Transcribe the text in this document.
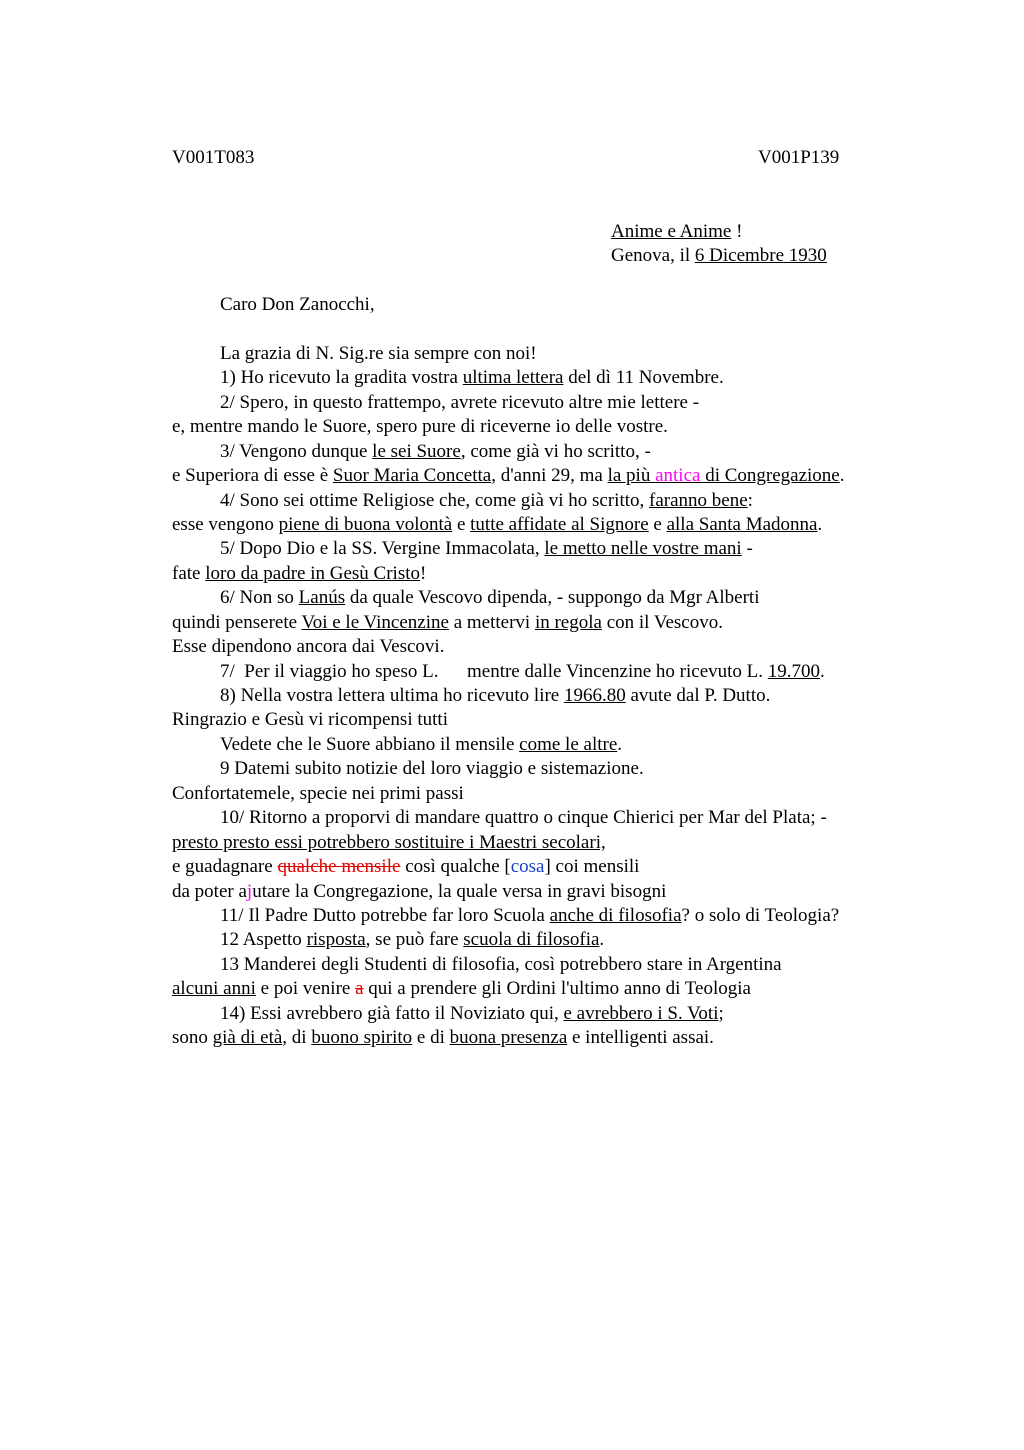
V001T083	V001P139
Anime e Anime !
Genova, il 6 Dicembre 1930
Caro Don Zanocchi,
La grazia di N. Sig.re sia sempre con noi!
1) Ho ricevuto la gradita vostra ultima lettera del dì 11 Novembre.
2/ Spero, in questo frattempo, avrete ricevuto altre mie lettere -
e, mentre mando le Suore, spero pure di riceverne io delle vostre.
3/ Vengono dunque le sei Suore, come già vi ho scritto, -
e Superiora di esse è Suor Maria Concetta, d'anni 29, ma la più antica di Congregazione.
4/ Sono sei ottime Religiose che, come già vi ho scritto, faranno bene:
esse vengono piene di buona volontà e tutte affidate al Signore e alla Santa Madonna.
5/ Dopo Dio e la SS. Vergine Immacolata, le metto nelle vostre mani -
fate loro da padre in Gesù Cristo!
6/ Non so Lanús da quale Vescovo dipenda, - suppongo da Mgr Alberti
quindi penserete Voi e le Vincenzine a mettervi in regola con il Vescovo.
Esse dipendono ancora dai Vescovi.
7/  Per il viaggio ho speso L.      mentre dalle Vincenzine ho ricevuto L. 19.700.
8) Nella vostra lettera ultima ho ricevuto lire 1966.80 avute dal P. Dutto.
Ringrazio e Gesù vi ricompensi tutti
Vedete che le Suore abbiano il mensile come le altre.
9 Datemi subito notizie del loro viaggio e sistemazione.
Confortatemele, specie nei primi passi
10/ Ritorno a proporvi di mandare quattro o cinque Chierici per Mar del Plata; -
presto presto essi potrebbero sostituire i Maestri secolari,
e guadagnare qualche mensile così qualche [cosa] coi mensili
da poter ajutare la Congregazione, la quale versa in gravi bisogni
11/ Il Padre Dutto potrebbe far loro Scuola anche di filosofia? o solo di Teologia?
12 Aspetto risposta, se può fare scuola di filosofia.
13 Manderei degli Studenti di filosofia, così potrebbero stare in Argentina
alcuni anni e poi venire a qui a prendere gli Ordini l'ultimo anno di Teologia
14) Essi avrebbero già fatto il Noviziato qui, e avrebbero i S. Voti;
sono già di età, di buono spirito e di buona presenza e intelligenti assai.
